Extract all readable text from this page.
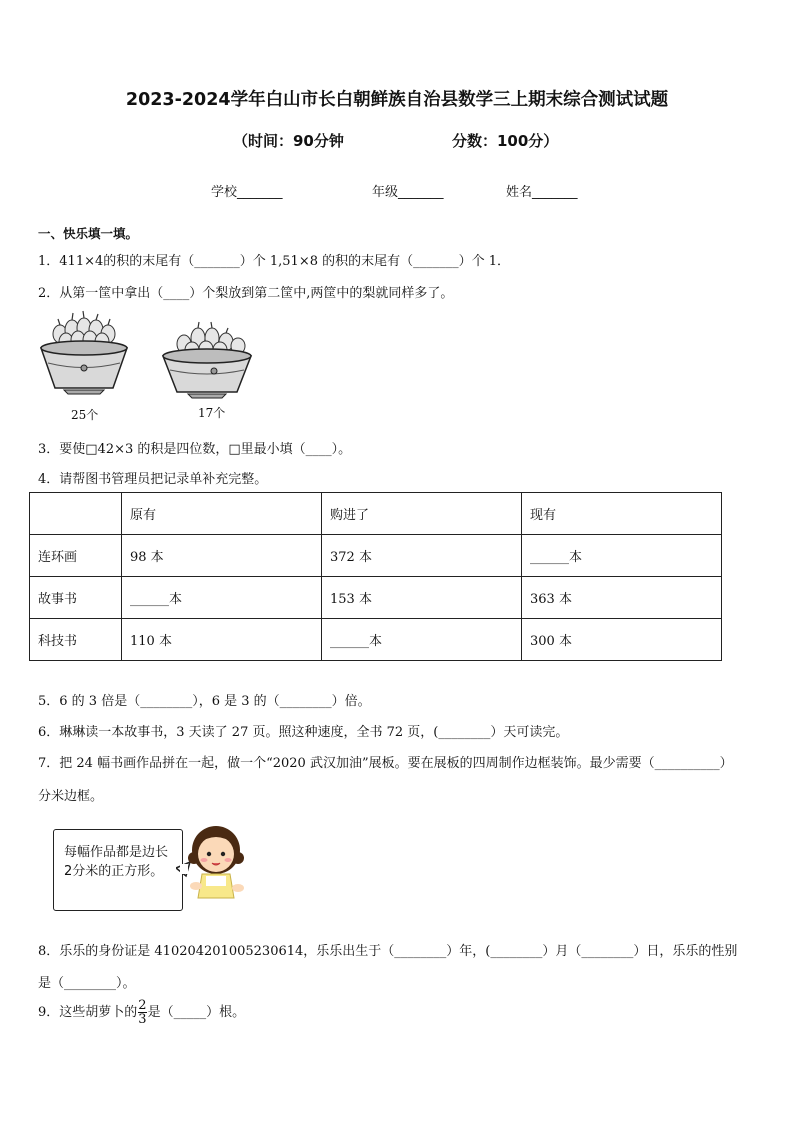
2023-2024学年白山市长白朝鲜族自治县数学三上期末综合测试试题
（时间：90分钟	分数：100分）
学校_______	年级_______	姓名_______
一、快乐填一填。
1．411×4的积的末尾有（_______）个 1,51×8 的积的末尾有（_______）个 1．
2．从第一筐中拿出（____）个梨放到第二筐中,两筐中的梨就同样多了。
25个	17个
3．要使□42×3 的积是四位数，□里最小填（____）。
4．请帮图书管理员把记录单补充完整。
	原有	购进了	现有
连环画	98 本	372 本	______本
故事书	______本	153 本	363 本
科技书	110 本	______本	300 本
5．6 的 3 倍是（________），6 是 3 的（________）倍。
6．琳琳读一本故事书，3 天读了 27 页。照这种速度，全书 72 页，(________）天可读完。
7．把 24 幅书画作品拼在一起，做一个“2020 武汉加油”展板。要在展板的四周制作边框装饰。最少需要（__________）
分米边框。
每幅作品都是边长2分米的正方形。
8．乐乐的身份证是 410204201005230614，乐乐出生于（________）年，(________）月（________）日，乐乐的性别
是（________）。
9．这些胡萝卜的 $\frac{2}{3}$ 是（_____）根。
